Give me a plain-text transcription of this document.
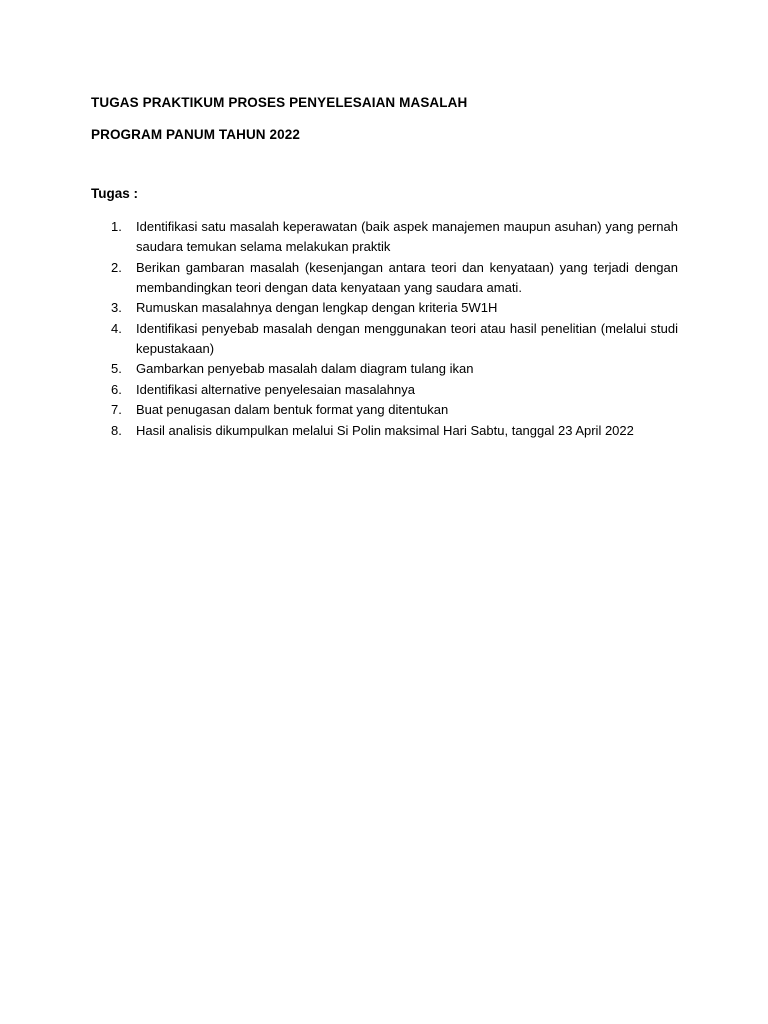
TUGAS PRAKTIKUM PROSES PENYELESAIAN MASALAH
PROGRAM PANUM TAHUN 2022
Tugas :
1. Identifikasi satu masalah keperawatan (baik aspek manajemen maupun asuhan) yang pernah saudara temukan selama melakukan praktik
2. Berikan gambaran masalah (kesenjangan antara teori dan kenyataan) yang terjadi dengan membandingkan teori dengan data kenyataan yang saudara amati.
3. Rumuskan masalahnya dengan lengkap dengan kriteria 5W1H
4. Identifikasi penyebab masalah dengan menggunakan teori atau hasil penelitian (melalui studi kepustakaan)
5. Gambarkan penyebab masalah dalam diagram tulang ikan
6. Identifikasi alternative penyelesaian masalahnya
7. Buat penugasan dalam bentuk format yang ditentukan
8. Hasil analisis dikumpulkan melalui Si Polin maksimal Hari Sabtu, tanggal 23 April 2022
